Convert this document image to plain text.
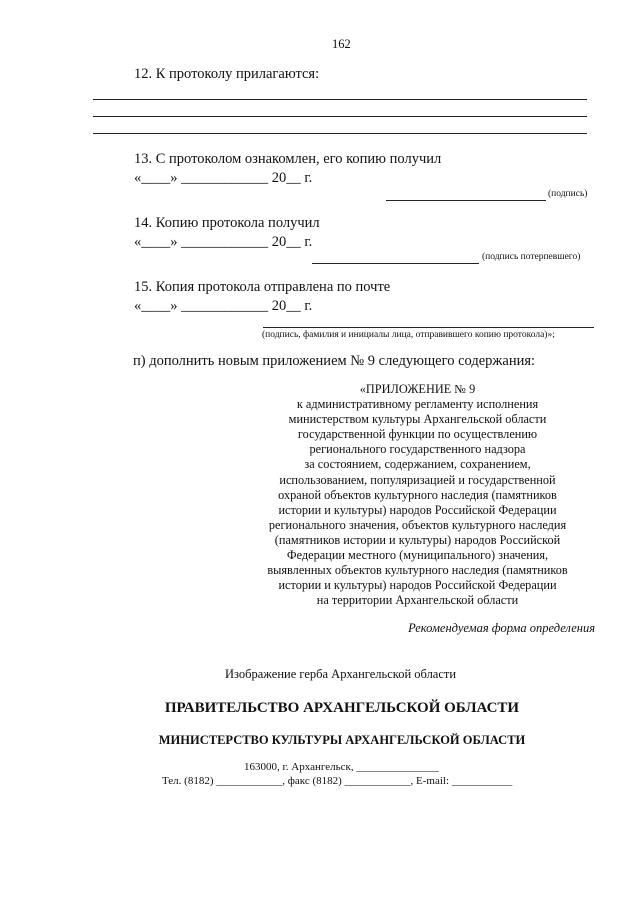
162
12. К протоколу прилагаются:
13. С протоколом ознакомлен, его копию получил
«____» ____________ 20__ г.
(подпись)
14. Копию протокола получил
«____» ____________ 20__ г.
(подпись потерпевшего)
15. Копия протокола отправлена по почте
«____» ____________ 20__ г.
(подпись, фамилия и инициалы лица, отправившего копию протокола)»;
п) дополнить новым приложением № 9 следующего содержания:
«ПРИЛОЖЕНИЕ № 9
к административному регламенту исполнения
министерством культуры Архангельской области
государственной функции по осуществлению
регионального государственного надзора
за состоянием, содержанием, сохранением,
использованием, популяризацией и государственной
охраной объектов культурного наследия (памятников
истории и культуры) народов Российской Федерации
регионального значения, объектов культурного наследия
(памятников истории и культуры) народов Российской
Федерации местного (муниципального) значения,
выявленных объектов культурного наследия (памятников
истории и культуры) народов Российской Федерации
на территории Архангельской области
Рекомендуемая форма определения
Изображение герба Архангельской области
ПРАВИТЕЛЬСТВО АРХАНГЕЛЬСКОЙ ОБЛАСТИ
МИНИСТЕРСТВО КУЛЬТУРЫ АРХАНГЕЛЬСКОЙ ОБЛАСТИ
163000, г. Архангельск, _______________
Тел. (8182) ____________, факс (8182) ____________, E-mail: ___________
